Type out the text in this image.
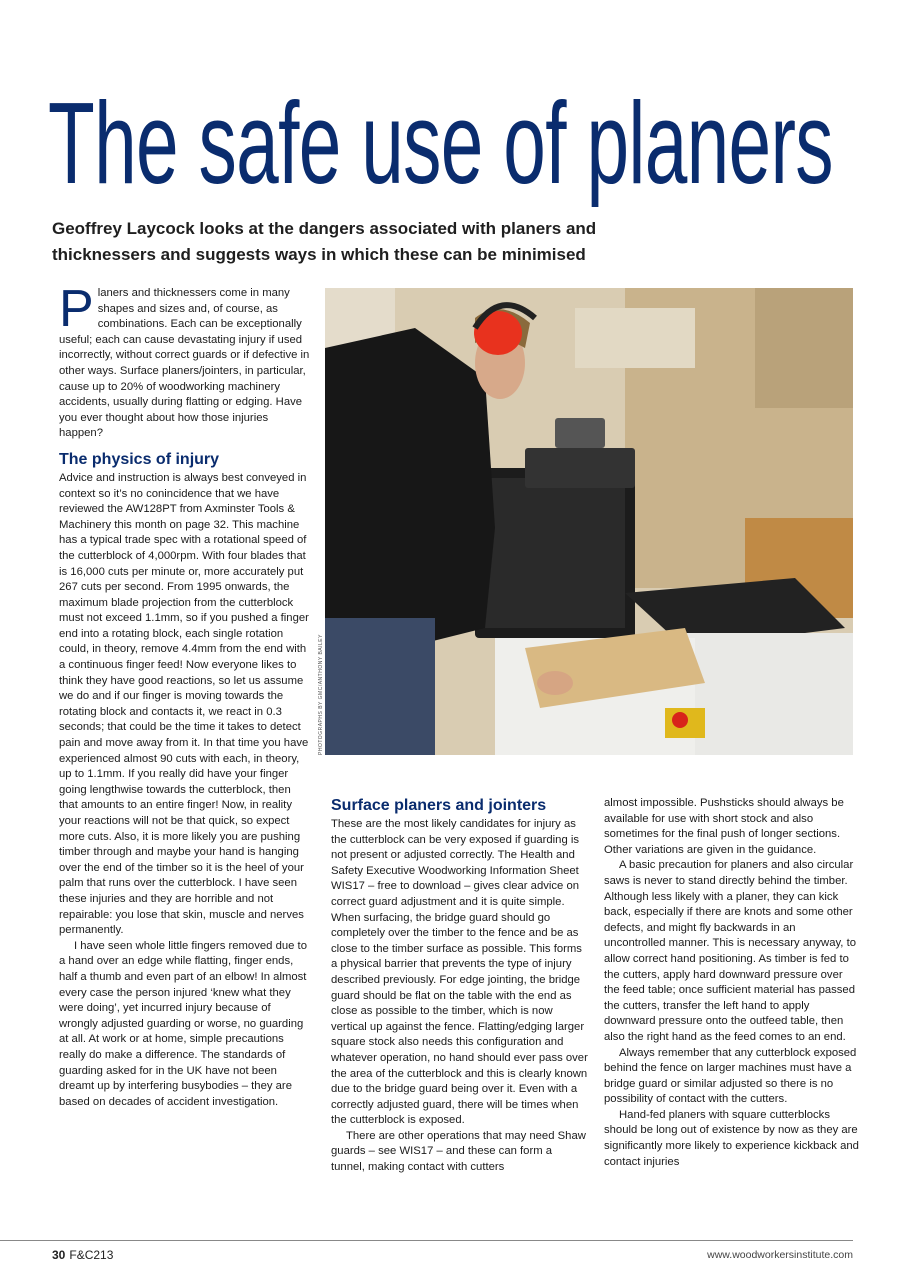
The safe use of planers
Geoffrey Laycock looks at the dangers associated with planers and
thicknessers and suggests ways in which these can be minimised

Planers and thicknessers come in many shapes and sizes and, of course, as combinations. Each can be exceptionally useful; each can cause devastating injury if used incorrectly, without correct guards or if defective in other ways. Surface planers/jointers, in particular, cause up to 20% of woodworking machinery accidents, usually during flatting or edging. Have you ever thought about how those injuries happen?

The physics of injury

Advice and instruction is always best conveyed in context so it’s no conincidence that we have reviewed the AW128PT from Axminster Tools & Machinery this month on page 32. This machine has a typical trade spec with a rotational speed of the cutterblock of 4,000rpm. With four blades that is 16,000 cuts per minute or, more accurately put 267 cuts per second. From 1995 onwards, the maximum blade projection from the cutterblock must not exceed 1.1mm, so if you pushed a finger end into a rotating block, each single rotation could, in theory, remove 4.4mm from the end with a continuous finger feed! Now everyone likes to think they have good reactions, so let us assume we do and if our finger is moving towards the rotating block and contacts it, we react in 0.3 seconds; that could be the time it takes to detect pain and move away from it. In that time you have experienced almost 90 cuts with each, in theory, up to 1.1mm. If you really did have your finger going lengthwise towards the cutterblock, then that amounts to an entire finger! Now, in reality your reactions will not be that quick, so expect more cuts. Also, it is more likely you are pushing timber through and maybe your hand is hanging over the end of the timber so it is the heel of your palm that runs over the cutterblock. I have seen these injuries and they are horrible and not repairable: you lose that skin, muscle and nerves permanently.

I have seen whole little fingers removed due to a hand over an edge while flatting, finger ends, half a thumb and even part of an elbow! In almost every case the person injured ‘knew what they were doing’, yet incurred injury because of wrongly adjusted guarding or worse, no guarding at all. At work or at home, simple precautions really do make a difference. The standards of guarding asked for in the UK have not been dreamt up by interfering busybodies – they are based on decades of accident investigation.

PHOTOGRAPHS BY GMC/ANTHONY BAILEY
Surface planers and jointers

These are the most likely candidates for injury as the cutterblock can be very exposed if guarding is not present or adjusted correctly. The Health and Safety Executive Woodworking Information Sheet WIS17 – free to download – gives clear advice on correct guard adjustment and it is quite simple. When surfacing, the bridge guard should go completely over the timber to the fence and be as close to the timber surface as possible. This forms a physical barrier that prevents the type of injury described previously. For edge jointing, the bridge guard should be flat on the table with the end as close as possible to the timber, which is now vertical up against the fence. Flatting/edging larger square stock also needs this configuration and whatever operation, no hand should ever pass over the area of the cutterblock and this is clearly known due to the bridge guard being over it. Even with a correctly adjusted guard, there will be times when the cutterblock is exposed.

There are other operations that may need Shaw guards – see WIS17 – and these can form a tunnel, making contact with cutters

almost impossible. Pushsticks should always be available for use with short stock and also sometimes for the final push of longer sections. Other variations are given in the guidance.

A basic precaution for planers and also circular saws is never to stand directly behind the timber. Although less likely with a planer, they can kick back, especially if there are knots and some other defects, and might fly backwards in an uncontrolled manner. This is necessary anyway, to allow correct hand positioning. As timber is fed to the cutters, apply hard downward pressure over the feed table; once sufficient material has passed the cutters, transfer the left hand to apply downward pressure onto the outfeed table, then also the right hand as the feed comes to an end.

Always remember that any cutterblock exposed behind the fence on larger machines must have a bridge guard or similar adjusted so there is no possibility of contact with the cutters.

Hand-fed planers with square cutterblocks should be long out of existence by now as they are significantly more likely to experience kickback and contact injuries

30 F&C213	www.woodworkersinstitute.com
